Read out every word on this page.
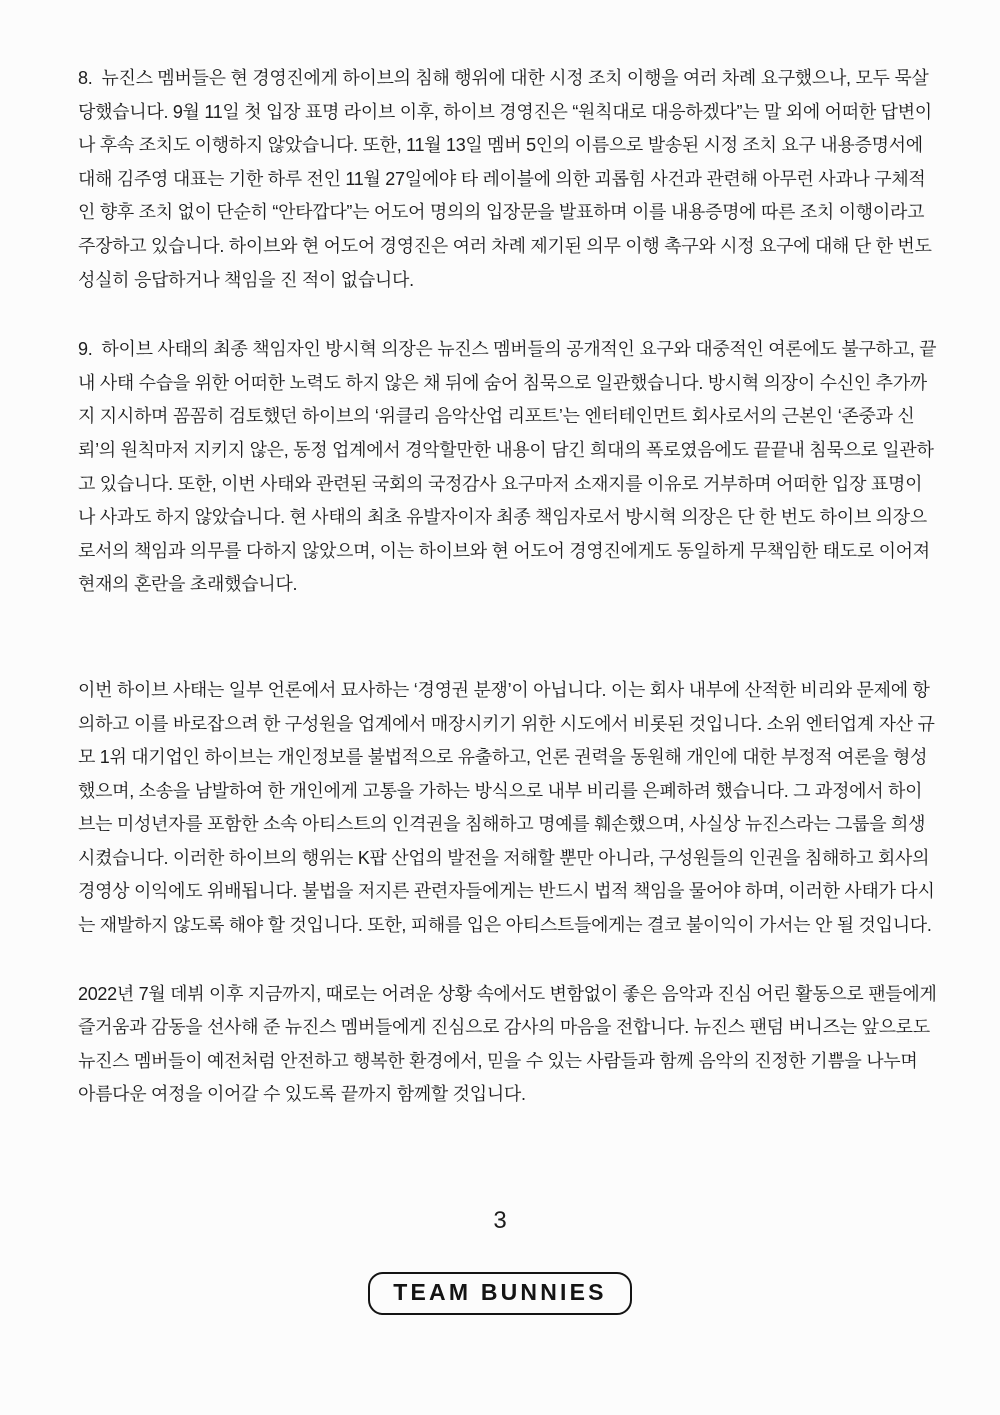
8. 뉴진스 멤버들은 현 경영진에게 하이브의 침해 행위에 대한 시정 조치 이행을 여러 차례 요구했으나, 모두 묵살당했습니다. 9월 11일 첫 입장 표명 라이브 이후, 하이브 경영진은 “원칙대로 대응하겠다”는 말 외에 어떠한 답변이나 후속 조치도 이행하지 않았습니다. 또한, 11월 13일 멤버 5인의 이름으로 발송된 시정 조치 요구 내용증명서에 대해 김주영 대표는 기한 하루 전인 11월 27일에야 타 레이블에 의한 괴롭힘 사건과 관련해 아무런 사과나 구체적인 향후 조치 없이 단순히 “안타깝다”는 어도어 명의의 입장문을 발표하며 이를 내용증명에 따른 조치 이행이라고 주장하고 있습니다. 하이브와 현 어도어 경영진은 여러 차례 제기된 의무 이행 촉구와 시정 요구에 대해 단 한 번도 성실히 응답하거나 책임을 진 적이 없습니다.

9. 하이브 사태의 최종 책임자인 방시혁 의장은 뉴진스 멤버들의 공개적인 요구와 대중적인 여론에도 불구하고, 끝내 사태 수습을 위한 어떠한 노력도 하지 않은 채 뒤에 숨어 침묵으로 일관했습니다. 방시혁 의장이 수신인 추가까지 지시하며 꼼꼼히 검토했던 하이브의 ‘위클리 음악산업 리포트’는 엔터테인먼트 회사로서의 근본인 ‘존중과 신뢰’의 원칙마저 지키지 않은, 동정 업계에서 경악할만한 내용이 담긴 희대의 폭로였음에도 끝끝내 침묵으로 일관하고 있습니다. 또한, 이번 사태와 관련된 국회의 국정감사 요구마저 소재지를 이유로 거부하며 어떠한 입장 표명이나 사과도 하지 않았습니다. 현 사태의 최초 유발자이자 최종 책임자로서 방시혁 의장은 단 한 번도 하이브 의장으로서의 책임과 의무를 다하지 않았으며, 이는 하이브와 현 어도어 경영진에게도 동일하게 무책임한 태도로 이어져 현재의 혼란을 초래했습니다.

이번 하이브 사태는 일부 언론에서 묘사하는 ‘경영권 분쟁’이 아닙니다. 이는 회사 내부에 산적한 비리와 문제에 항의하고 이를 바로잡으려 한 구성원을 업계에서 매장시키기 위한 시도에서 비롯된 것입니다. 소위 엔터업계 자산 규모 1위 대기업인 하이브는 개인정보를 불법적으로 유출하고, 언론 권력을 동원해 개인에 대한 부정적 여론을 형성했으며, 소송을 남발하여 한 개인에게 고통을 가하는 방식으로 내부 비리를 은폐하려 했습니다. 그 과정에서 하이브는 미성년자를 포함한 소속 아티스트의 인격권을 침해하고 명예를 훼손했으며, 사실상 뉴진스라는 그룹을 희생시켰습니다. 이러한 하이브의 행위는 K팝 산업의 발전을 저해할 뿐만 아니라, 구성원들의 인권을 침해하고 회사의 경영상 이익에도 위배됩니다. 불법을 저지른 관련자들에게는 반드시 법적 책임을 물어야 하며, 이러한 사태가 다시는 재발하지 않도록 해야 할 것입니다. 또한, 피해를 입은 아티스트들에게는 결코 불이익이 가서는 안 될 것입니다.

2022년 7월 데뷔 이후 지금까지, 때로는 어려운 상황 속에서도 변함없이 좋은 음악과 진심 어린 활동으로 팬들에게 즐거움과 감동을 선사해 준 뉴진스 멤버들에게 진심으로 감사의 마음을 전합니다. 뉴진스 팬덤 버니즈는 앞으로도 뉴진스 멤버들이 예전처럼 안전하고 행복한 환경에서, 믿을 수 있는 사람들과 함께 음악의 진정한 기쁨을 나누며 아름다운 여정을 이어갈 수 있도록 끝까지 함께할 것입니다.

3
TEAM BUNNIES
